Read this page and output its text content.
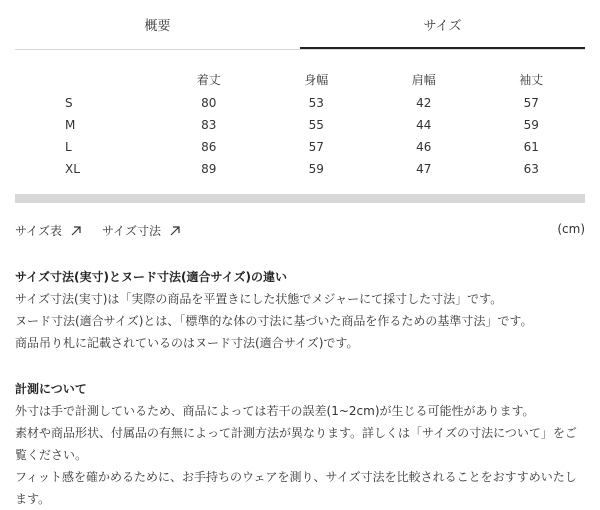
概要	サイズ
	着丈	身幅	肩幅	袖丈
S	80	53	42	57
M	83	55	44	59
L	86	57	46	61
XL	89	59	47	63
サイズ表	サイズ寸法	(cm)

サイズ寸法(実寸)とヌード寸法(適合サイズ)の違い

サイズ寸法(実寸)は「実際の商品を平置きにした状態でメジャーにて採寸した寸法」です。

ヌード寸法(適合サイズ)とは、「標準的な体の寸法に基づいた商品を作るための基準寸法」です。

商品吊り札に記載されているのはヌード寸法(適合サイズ)です。

計測について

外寸は手で計測しているため、商品によっては若干の誤差(1~2cm)が生じる可能性があります。

素材や商品形状、付属品の有無によって計測方法が異なります。詳しくは「サイズの寸法について」をご

覧ください。

フィット感を確かめるために、お手持ちのウェアを測り、サイズ寸法を比較されることをおすすめいたし

ます。
